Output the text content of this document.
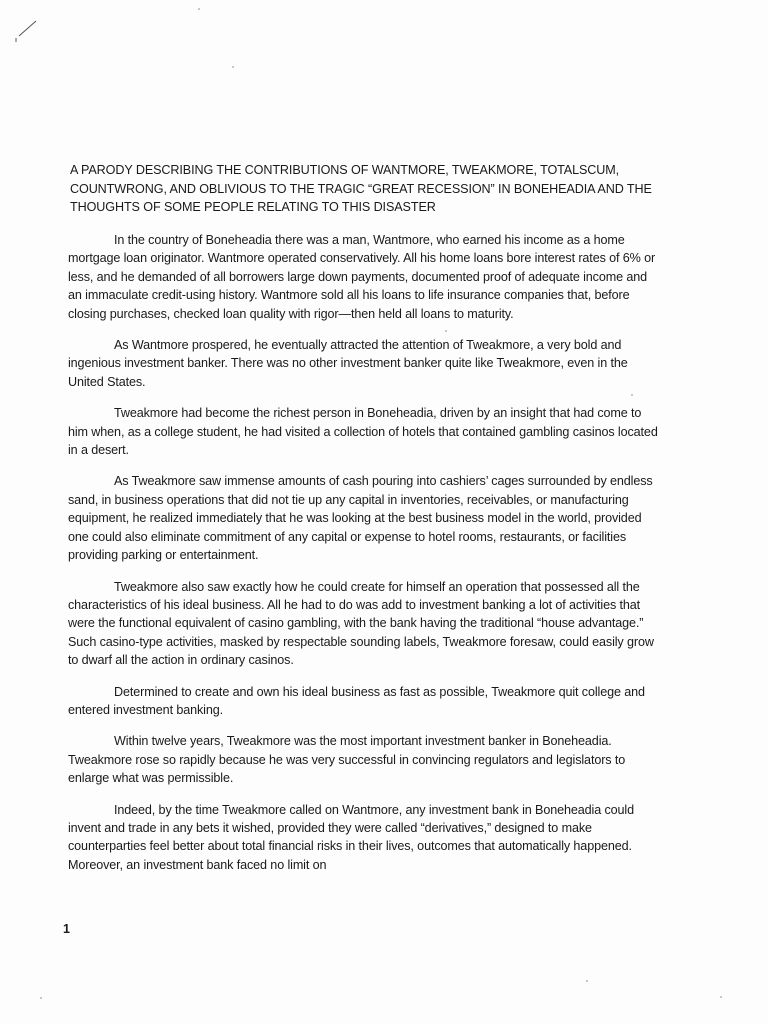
A PARODY DESCRIBING THE CONTRIBUTIONS OF WANTMORE, TWEAKMORE, TOTALSCUM, COUNTWRONG, AND OBLIVIOUS TO THE TRAGIC “GREAT RECESSION” IN BONEHEADIA AND THE THOUGHTS OF SOME PEOPLE RELATING TO THIS DISASTER

In the country of Boneheadia there was a man, Wantmore, who earned his income as a home mortgage loan originator. Wantmore operated conservatively. All his home loans bore interest rates of 6% or less, and he demanded of all borrowers large down payments, documented proof of adequate income and an immaculate credit-using history. Wantmore sold all his loans to life insurance companies that, before closing purchases, checked loan quality with rigor—then held all loans to maturity.

As Wantmore prospered, he eventually attracted the attention of Tweakmore, a very bold and ingenious investment banker. There was no other investment banker quite like Tweakmore, even in the United States.

Tweakmore had become the richest person in Boneheadia, driven by an insight that had come to him when, as a college student, he had visited a collection of hotels that contained gambling casinos located in a desert.

As Tweakmore saw immense amounts of cash pouring into cashiers’ cages surrounded by endless sand, in business operations that did not tie up any capital in inventories, receivables, or manufacturing equipment, he realized immediately that he was looking at the best business model in the world, provided one could also eliminate commitment of any capital or expense to hotel rooms, restaurants, or facilities providing parking or entertainment.

Tweakmore also saw exactly how he could create for himself an operation that possessed all the characteristics of his ideal business. All he had to do was add to investment banking a lot of activities that were the functional equivalent of casino gambling, with the bank having the traditional “house advantage.” Such casino-type activities, masked by respectable sounding labels, Tweakmore foresaw, could easily grow to dwarf all the action in ordinary casinos.

Determined to create and own his ideal business as fast as possible, Tweakmore quit college and entered investment banking.

Within twelve years, Tweakmore was the most important investment banker in Boneheadia. Tweakmore rose so rapidly because he was very successful in convincing regulators and legislators to enlarge what was permissible.

Indeed, by the time Tweakmore called on Wantmore, any investment bank in Boneheadia could invent and trade in any bets it wished, provided they were called “derivatives,” designed to make counterparties feel better about total financial risks in their lives, outcomes that automatically happened. Moreover, an investment bank faced no limit on

1
